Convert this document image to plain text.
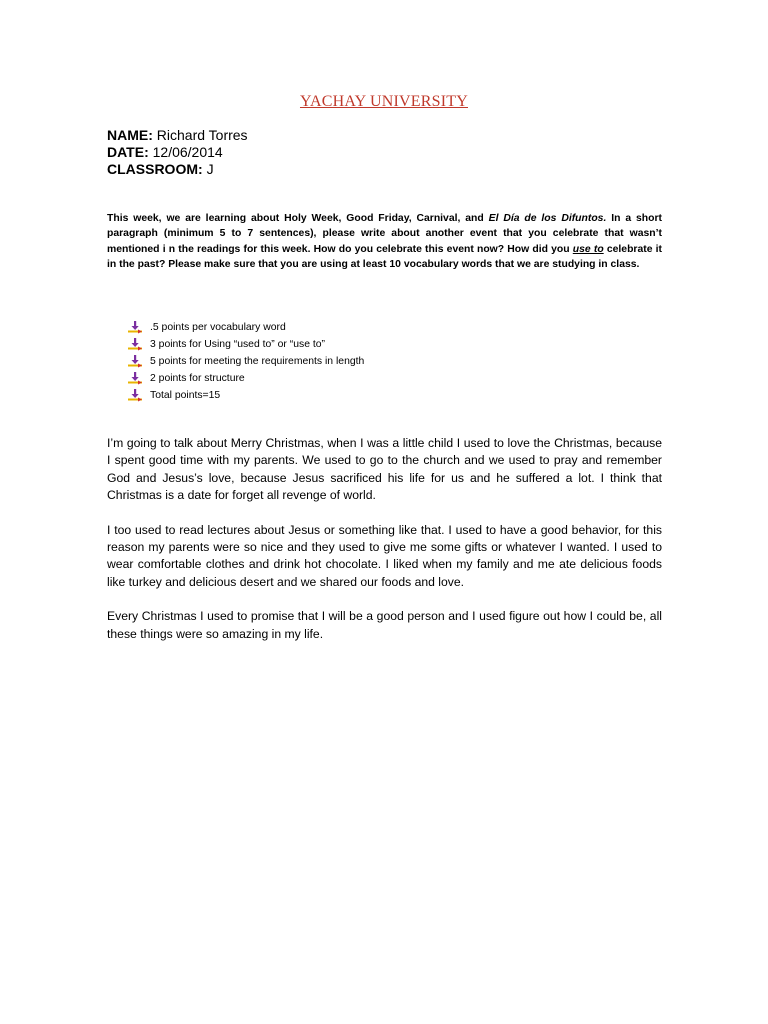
YACHAY UNIVERSITY
NAME: Richard Torres
DATE: 12/06/2014
CLASSROOM: J
This week, we are learning about Holy Week, Good Friday, Carnival, and El Día de los Difuntos. In a short paragraph (minimum 5 to 7 sentences), please write about another event that you celebrate that wasn’t mentioned i n the readings for this week. How do you celebrate this event now? How did you use to celebrate it in the past? Please make sure that you are using at least 10 vocabulary words that we are studying in class.
.5 points per vocabulary word
3 points for Using “used to” or “use to”
5 points for meeting the requirements in length
2 points for structure
Total points=15

I’m going to talk about Merry Christmas, when I was a little child I used to love the Christmas, because I spent good time with my parents. We used to go to the church and we used to pray and remember God and Jesus’s love, because Jesus sacrificed his life for us and he suffered a lot. I think that Christmas is a date for forget all revenge of world.

I too used to read lectures about Jesus or something like that. I used to have a good behavior, for this reason my parents were so nice and they used to give me some gifts or whatever I wanted. I used to wear comfortable clothes and drink hot chocolate. I liked when my family and me ate delicious foods like turkey and delicious desert and we shared our foods and love.

Every Christmas I used to promise that I will be a good person and I used figure out how I could be, all these things were so amazing in my life.
